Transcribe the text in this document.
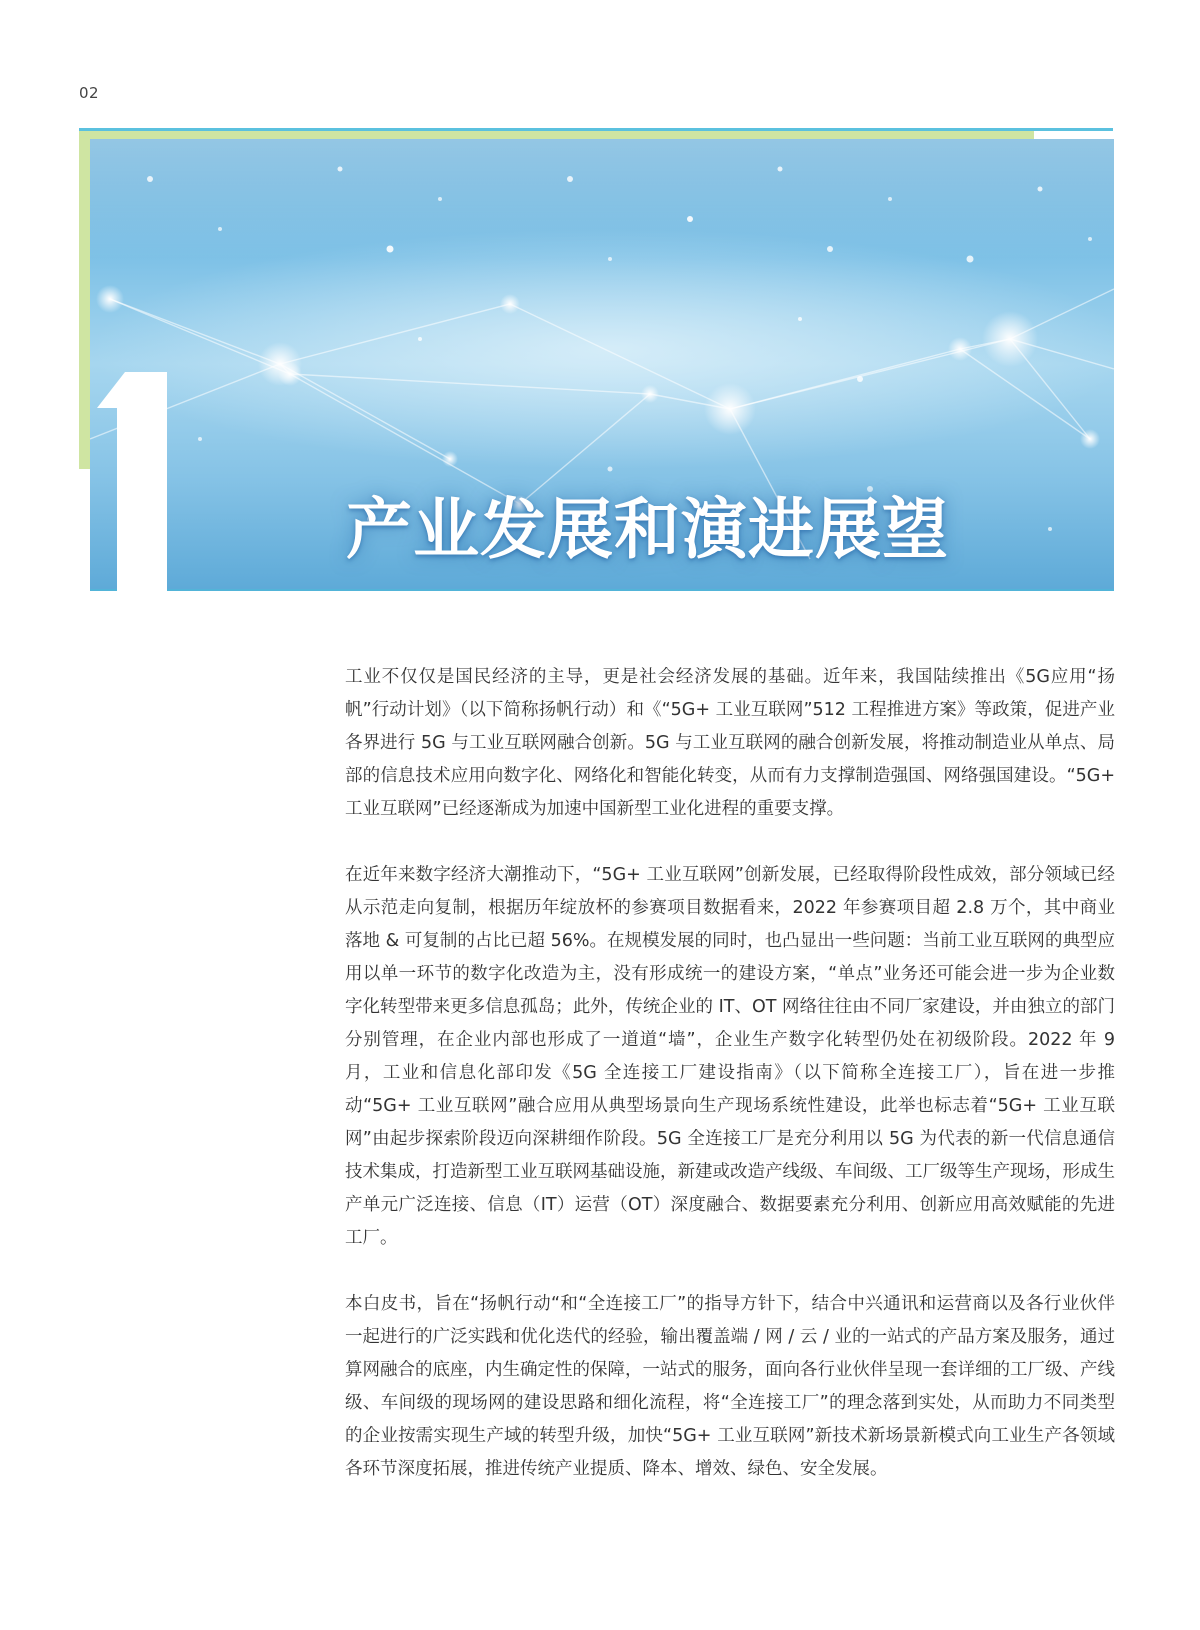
02
产业发展和演进展望

工业不仅仅是国民经济的主导，更是社会经济发展的基础。近年来，我国陆续推出《5G应用“扬帆”行动计划》（以下简称扬帆行动）和《“5G+ 工业互联网”512 工程推进方案》等政策，促进产业各界进行 5G 与工业互联网融合创新。5G 与工业互联网的融合创新发展，将推动制造业从单点、局部的信息技术应用向数字化、网络化和智能化转变，从而有力支撑制造强国、网络强国建设。“5G+ 工业互联网”已经逐渐成为加速中国新型工业化进程的重要支撑。

在近年来数字经济大潮推动下，“5G+ 工业互联网”创新发展，已经取得阶段性成效，部分领域已经从示范走向复制，根据历年绽放杯的参赛项目数据看来，2022 年参赛项目超 2.8 万个，其中商业落地 & 可复制的占比已超 56%。在规模发展的同时，也凸显出一些问题：当前工业互联网的典型应用以单一环节的数字化改造为主，没有形成统一的建设方案，“单点”业务还可能会进一步为企业数字化转型带来更多信息孤岛；此外，传统企业的 IT、OT 网络往往由不同厂家建设，并由独立的部门分别管理，在企业内部也形成了一道道“墙”，企业生产数字化转型仍处在初级阶段。2022 年 9 月，工业和信息化部印发《5G 全连接工厂建设指南》（以下简称全连接工厂），旨在进一步推动“5G+ 工业互联网”融合应用从典型场景向生产现场系统性建设，此举也标志着“5G+ 工业互联网”由起步探索阶段迈向深耕细作阶段。5G 全连接工厂是充分利用以 5G 为代表的新一代信息通信技术集成，打造新型工业互联网基础设施，新建或改造产线级、车间级、工厂级等生产现场，形成生产单元广泛连接、信息（IT）运营（OT）深度融合、数据要素充分利用、创新应用高效赋能的先进工厂。

本白皮书，旨在“扬帆行动“和“全连接工厂”的指导方针下，结合中兴通讯和运营商以及各行业伙伴一起进行的广泛实践和优化迭代的经验，输出覆盖端 / 网 / 云 / 业的一站式的产品方案及服务，通过算网融合的底座，内生确定性的保障，一站式的服务，面向各行业伙伴呈现一套详细的工厂级、产线级、车间级的现场网的建设思路和细化流程，将“全连接工厂”的理念落到实处，从而助力不同类型的企业按需实现生产域的转型升级，加快“5G+ 工业互联网”新技术新场景新模式向工业生产各领域各环节深度拓展，推进传统产业提质、降本、增效、绿色、安全发展。
